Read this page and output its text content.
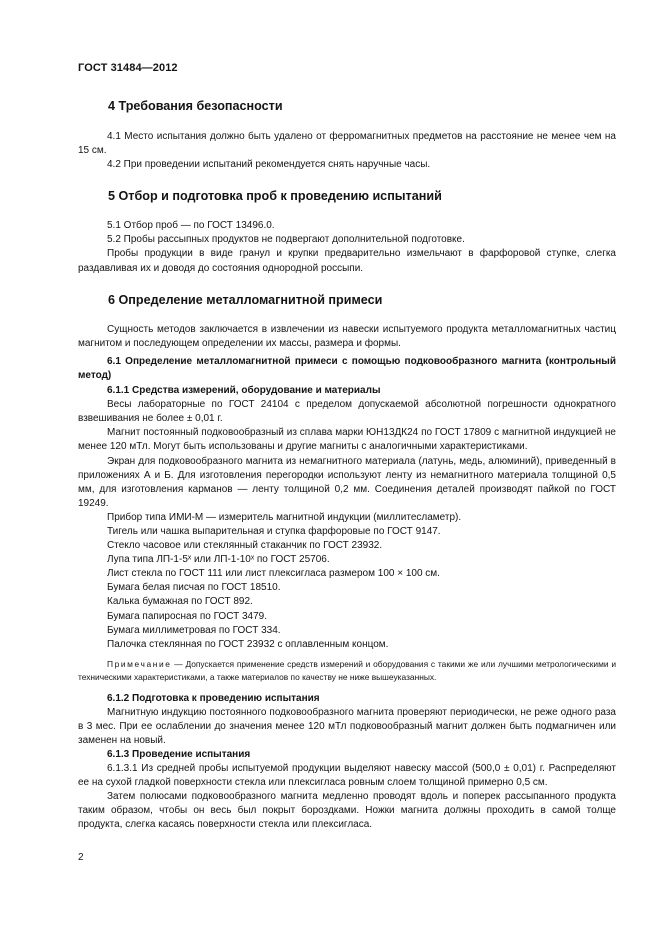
ГОСТ 31484—2012
4 Требования безопасности

4.1 Место испытания должно быть удалено от ферромагнитных предметов на расстояние не менее чем на 15 см.

4.2 При проведении испытаний рекомендуется снять наручные часы.

5 Отбор и подготовка проб к проведению испытаний

5.1 Отбор проб — по ГОСТ 13496.0.

5.2 Пробы рассыпных продуктов не подвергают дополнительной подготовке.

Пробы продукции в виде гранул и крупки предварительно измельчают в фарфоровой ступке, слегка раздавливая их и доводя до состояния однородной россыпи.

6 Определение металломагнитной примеси

Сущность методов заключается в извлечении из навески испытуемого продукта металломагнитных частиц магнитом и последующем определении их массы, размера и формы.

6.1 Определение металломагнитной примеси с помощью подковообразного магнита (контрольный метод)

6.1.1 Средства измерений, оборудование и материалы

Весы лабораторные по ГОСТ 24104 с пределом допускаемой абсолютной погрешности однократного взвешивания не более ± 0,01 г.

Магнит постоянный подковообразный из сплава марки ЮН13ДК24 по ГОСТ 17809 с магнитной индукцией не менее 120 мТл. Могут быть использованы и другие магниты с аналогичными характеристиками.

Экран для подковообразного магнита из немагнитного материала (латунь, медь, алюминий), приведенный в приложениях А и Б. Для изготовления перегородки используют ленту из немагнитного материала толщиной 0,5 мм, для изготовления карманов — ленту толщиной 0,2 мм. Соединения деталей производят пайкой по ГОСТ 19249.

Прибор типа ИМИ-М — измеритель магнитной индукции (миллитесламетр).

Тигель или чашка выпарительная и ступка фарфоровые по ГОСТ 9147.

Стекло часовое или стеклянный стаканчик по ГОСТ 23932.

Лупа типа ЛП-1-5ˣ или ЛП-1-10ˣ по ГОСТ 25706.

Лист стекла по ГОСТ 111 или лист плексигласа размером 100 × 100 см.

Бумага белая писчая по ГОСТ 18510.

Калька бумажная по ГОСТ 892.

Бумага папиросная по ГОСТ 3479.

Бумага миллиметровая по ГОСТ 334.

Палочка стеклянная по ГОСТ 23932 с оплавленным концом.

Примечание — Допускается применение средств измерений и оборудования с такими же или лучшими метрологическими и техническими характеристиками, а также материалов по качеству не ниже вышеуказанных.

6.1.2 Подготовка к проведению испытания

Магнитную индукцию постоянного подковообразного магнита проверяют периодически, не реже одного раза в 3 мес. При ее ослаблении до значения менее 120 мТл подковообразный магнит должен быть подмагничен или заменен на новый.

6.1.3 Проведение испытания

6.1.3.1 Из средней пробы испытуемой продукции выделяют навеску массой (500,0 ± 0,01) г. Распределяют ее на сухой гладкой поверхности стекла или плексигласа ровным слоем толщиной примерно 0,5 см.

Затем полюсами подковообразного магнита медленно проводят вдоль и поперек рассыпанного продукта таким образом, чтобы он весь был покрыт бороздками. Ножки магнита должны проходить в самой толще продукта, слегка касаясь поверхности стекла или плексигласа.

2
